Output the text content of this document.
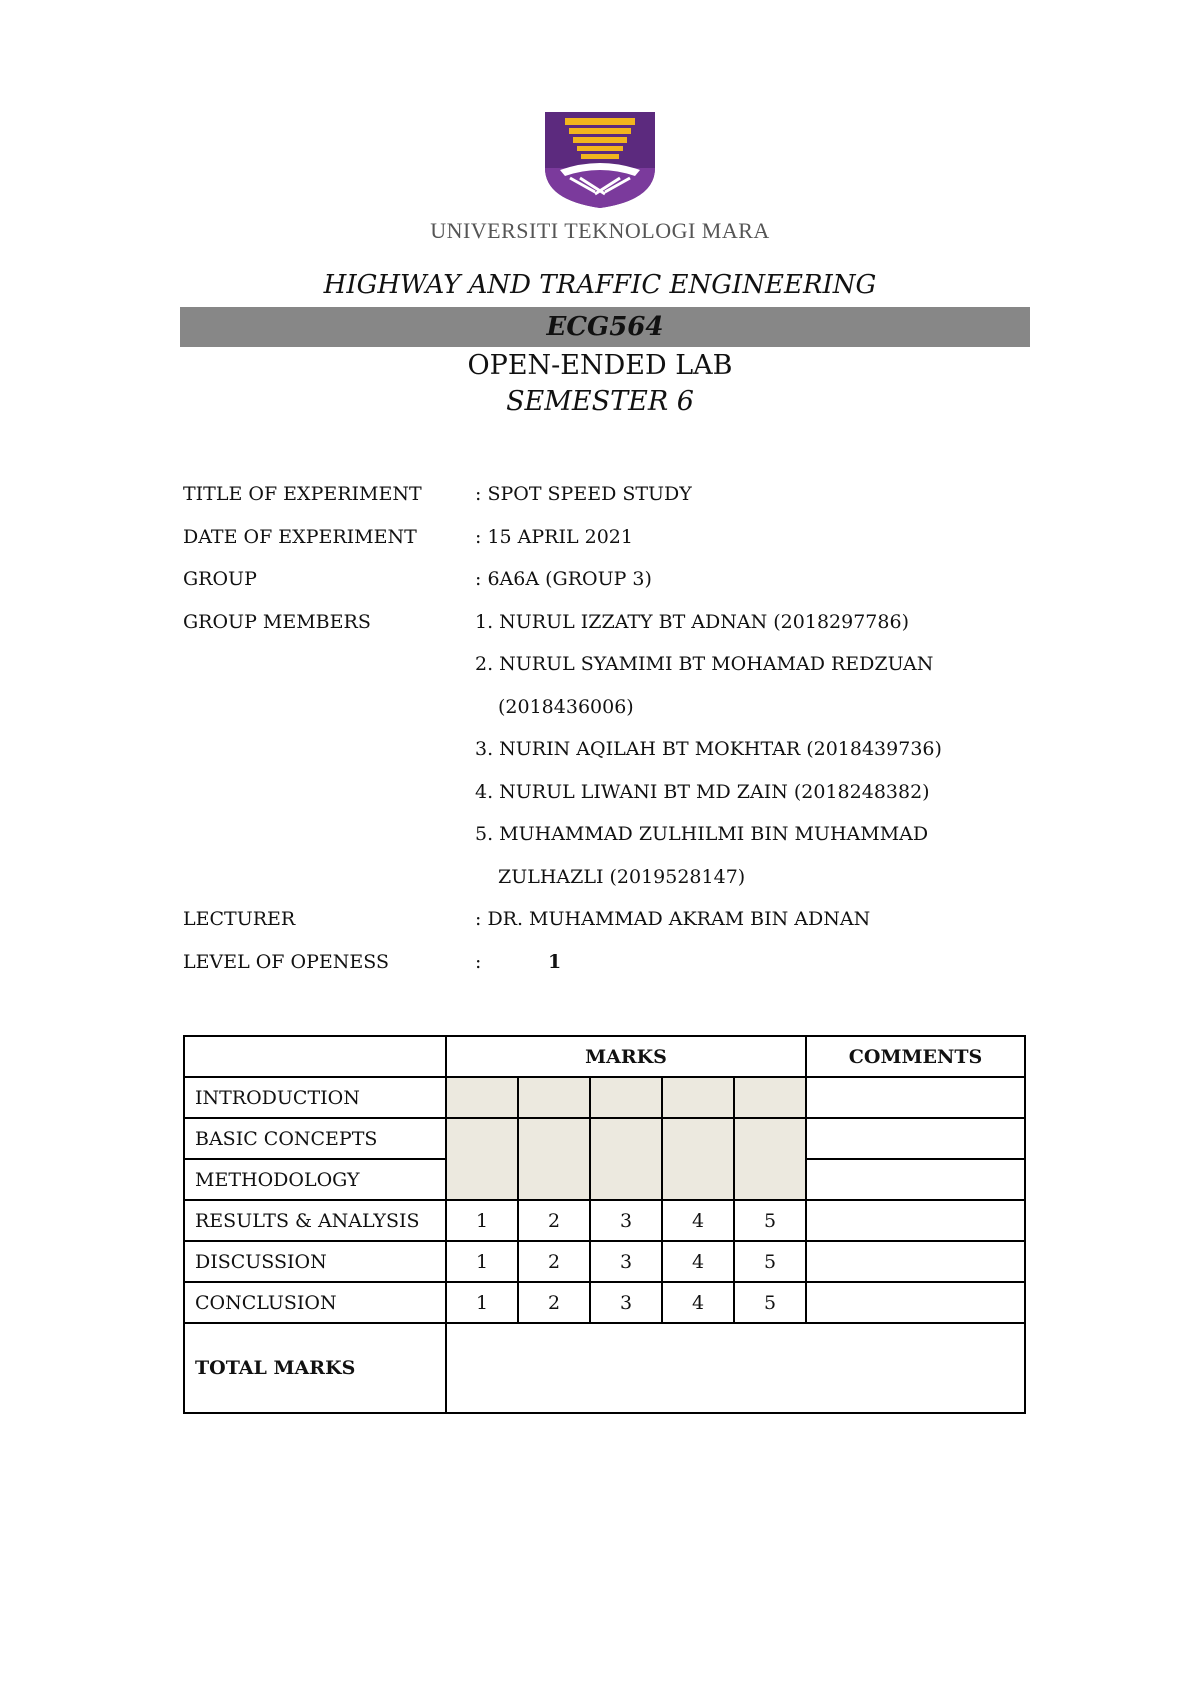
UNIVERSITI TEKNOLOGI MARA
HIGHWAY AND TRAFFIC ENGINEERING
ECG564
OPEN-ENDED LAB
SEMESTER 6
TITLE OF EXPERIMENT	: SPOT SPEED STUDY
DATE OF EXPERIMENT	: 15 APRIL 2021
GROUP	: 6A6A (GROUP 3)
GROUP MEMBERS	1. NURUL IZZATY BT ADNAN (2018297786)
2. NURUL SYAMIMI BT MOHAMAD REDZUAN
(2018436006)
3. NURIN AQILAH BT MOKHTAR (2018439736)
4. NURUL LIWANI BT MD ZAIN (2018248382)
5. MUHAMMAD ZULHILMI BIN MUHAMMAD
ZULHAZLI (2019528147)
LECTURER	: DR. MUHAMMAD AKRAM BIN ADNAN
LEVEL OF OPENESS	:	1
	MARKS					COMMENTS
INTRODUCTION						
BASIC CONCEPTS						
METHODOLOGY						
RESULTS & ANALYSIS	1	2	3	4	5	
DISCUSSION	1	2	3	4	5	
CONCLUSION	1	2	3	4	5	
TOTAL MARKS						
